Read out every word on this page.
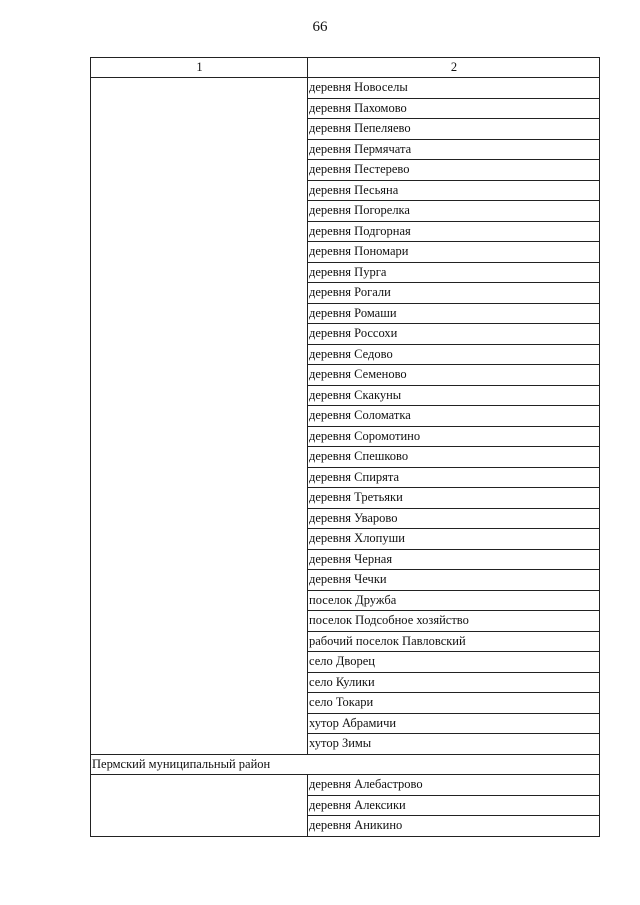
66
1	2
	деревня Новоселы
	деревня Пахомово
	деревня Пепеляево
	деревня Пермячата
	деревня Пестерево
	деревня Песьяна
	деревня Погорелка
	деревня Подгорная
	деревня Пономари
	деревня Пурга
	деревня Рогали
	деревня Ромаши
	деревня Россохи
	деревня Седово
	деревня Семеново
	деревня Скакуны
	деревня Соломатка
	деревня Соромотино
	деревня Спешково
	деревня Спирята
	деревня Третьяки
	деревня Уварово
	деревня Хлопуши
	деревня Черная
	деревня Чечки
	поселок Дружба
	поселок Подсобное хозяйство
	рабочий поселок Павловский
	село Дворец
	село Кулики
	село Токари
	хутор Абрамичи
	хутор Зимы
Пермский муниципальный район	
	деревня Алебастрово
	деревня Алексики
	деревня Аникино
